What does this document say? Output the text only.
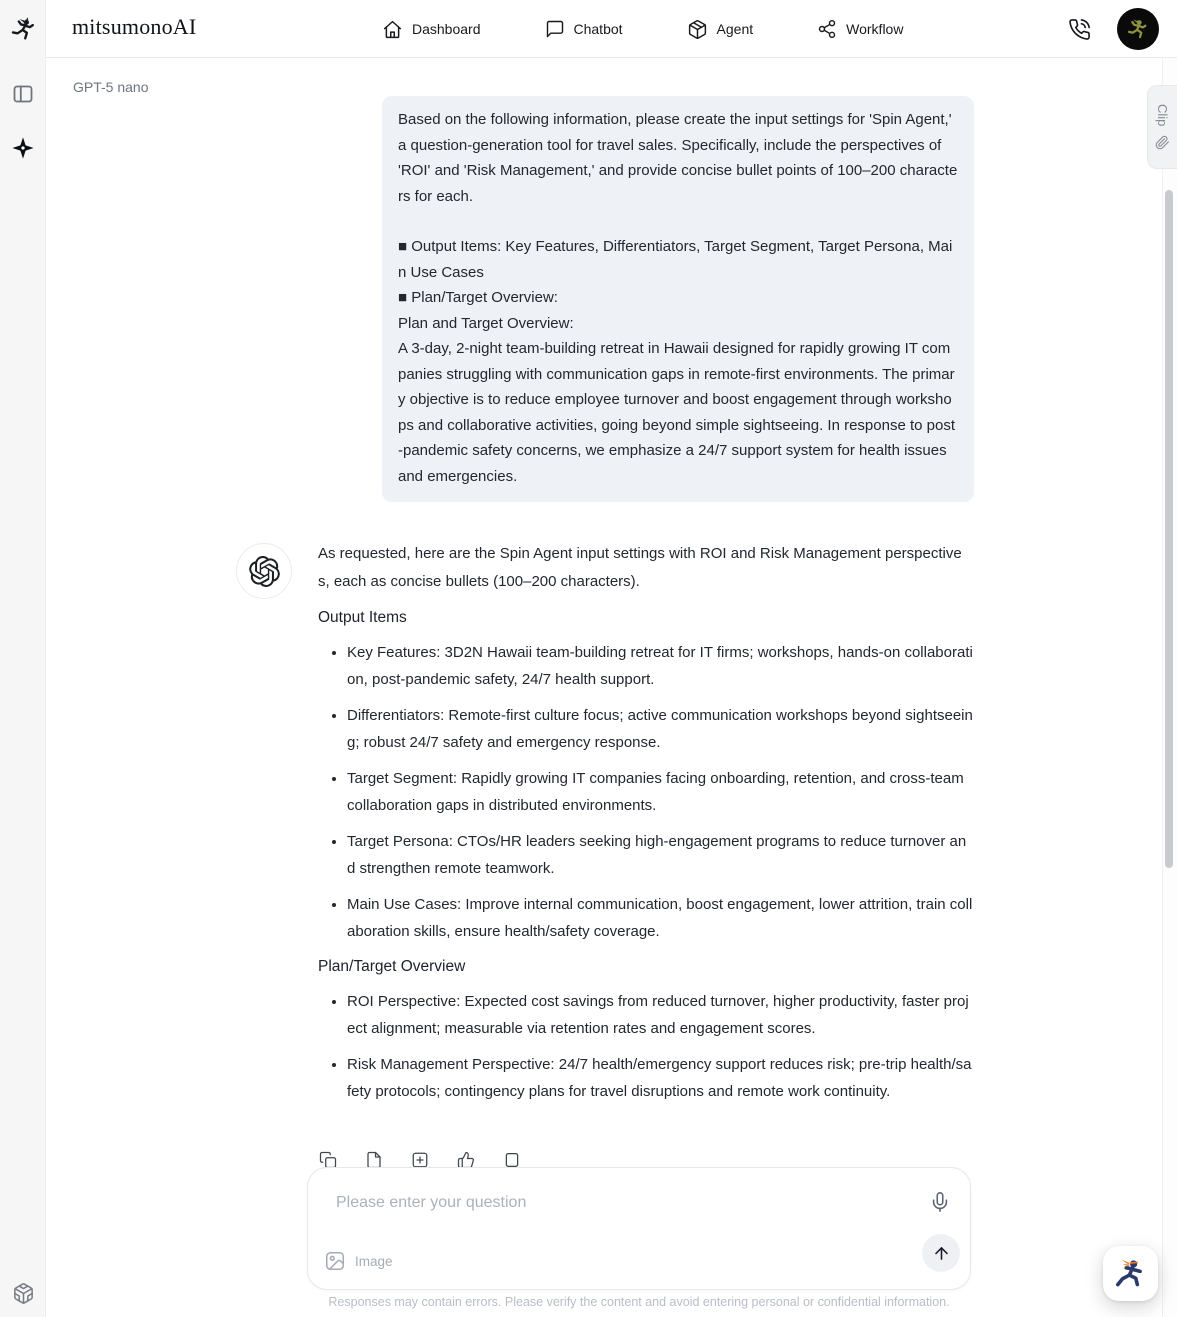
mitsumonoAI	Dashboard	Chatbot	Agent	Workflow
GPT-5 nano
Based on the following information, please create the input settings for 'Spin Agent,' a question-generation tool for travel sales. Specifically, include the perspectives of 'ROI' and 'Risk Management,' and provide concise bullet points of 100–200 characters for each.
■ Output Items: Key Features, Differentiators, Target Segment, Target Persona, Main Use Cases
■ Plan/Target Overview:
Plan and Target Overview:
A 3-day, 2-night team-building retreat in Hawaii designed for rapidly growing IT companies struggling with communication gaps in remote-first environments. The primary objective is to reduce employee turnover and boost engagement through workshops and collaborative activities, going beyond simple sightseeing. In response to post-pandemic safety concerns, we emphasize a 24/7 support system for health issues and emergencies.

As requested, here are the Spin Agent input settings with ROI and Risk Management perspectives, each as concise bullets (100–200 characters).

Output Items
• Key Features: 3D2N Hawaii team-building retreat for IT firms; workshops, hands-on collaboration, post-pandemic safety, 24/7 health support.
• Differentiators: Remote-first culture focus; active communication workshops beyond sightseeing; robust 24/7 safety and emergency response.
• Target Segment: Rapidly growing IT companies facing onboarding, retention, and cross-team collaboration gaps in distributed environments.
• Target Persona: CTOs/HR leaders seeking high-engagement programs to reduce turnover and strengthen remote teamwork.
• Main Use Cases: Improve internal communication, boost engagement, lower attrition, train collaboration skills, ensure health/safety coverage.
Plan/Target Overview
• ROI Perspective: Expected cost savings from reduced turnover, higher productivity, faster project alignment; measurable via retention rates and engagement scores.
• Risk Management Perspective: 24/7 health/emergency support reduces risk; pre-trip health/safety protocols; contingency plans for travel disruptions and remote work continuity.
Clip
Please enter your question
Image
Responses may contain errors. Please verify the content and avoid entering personal or confidential information.
